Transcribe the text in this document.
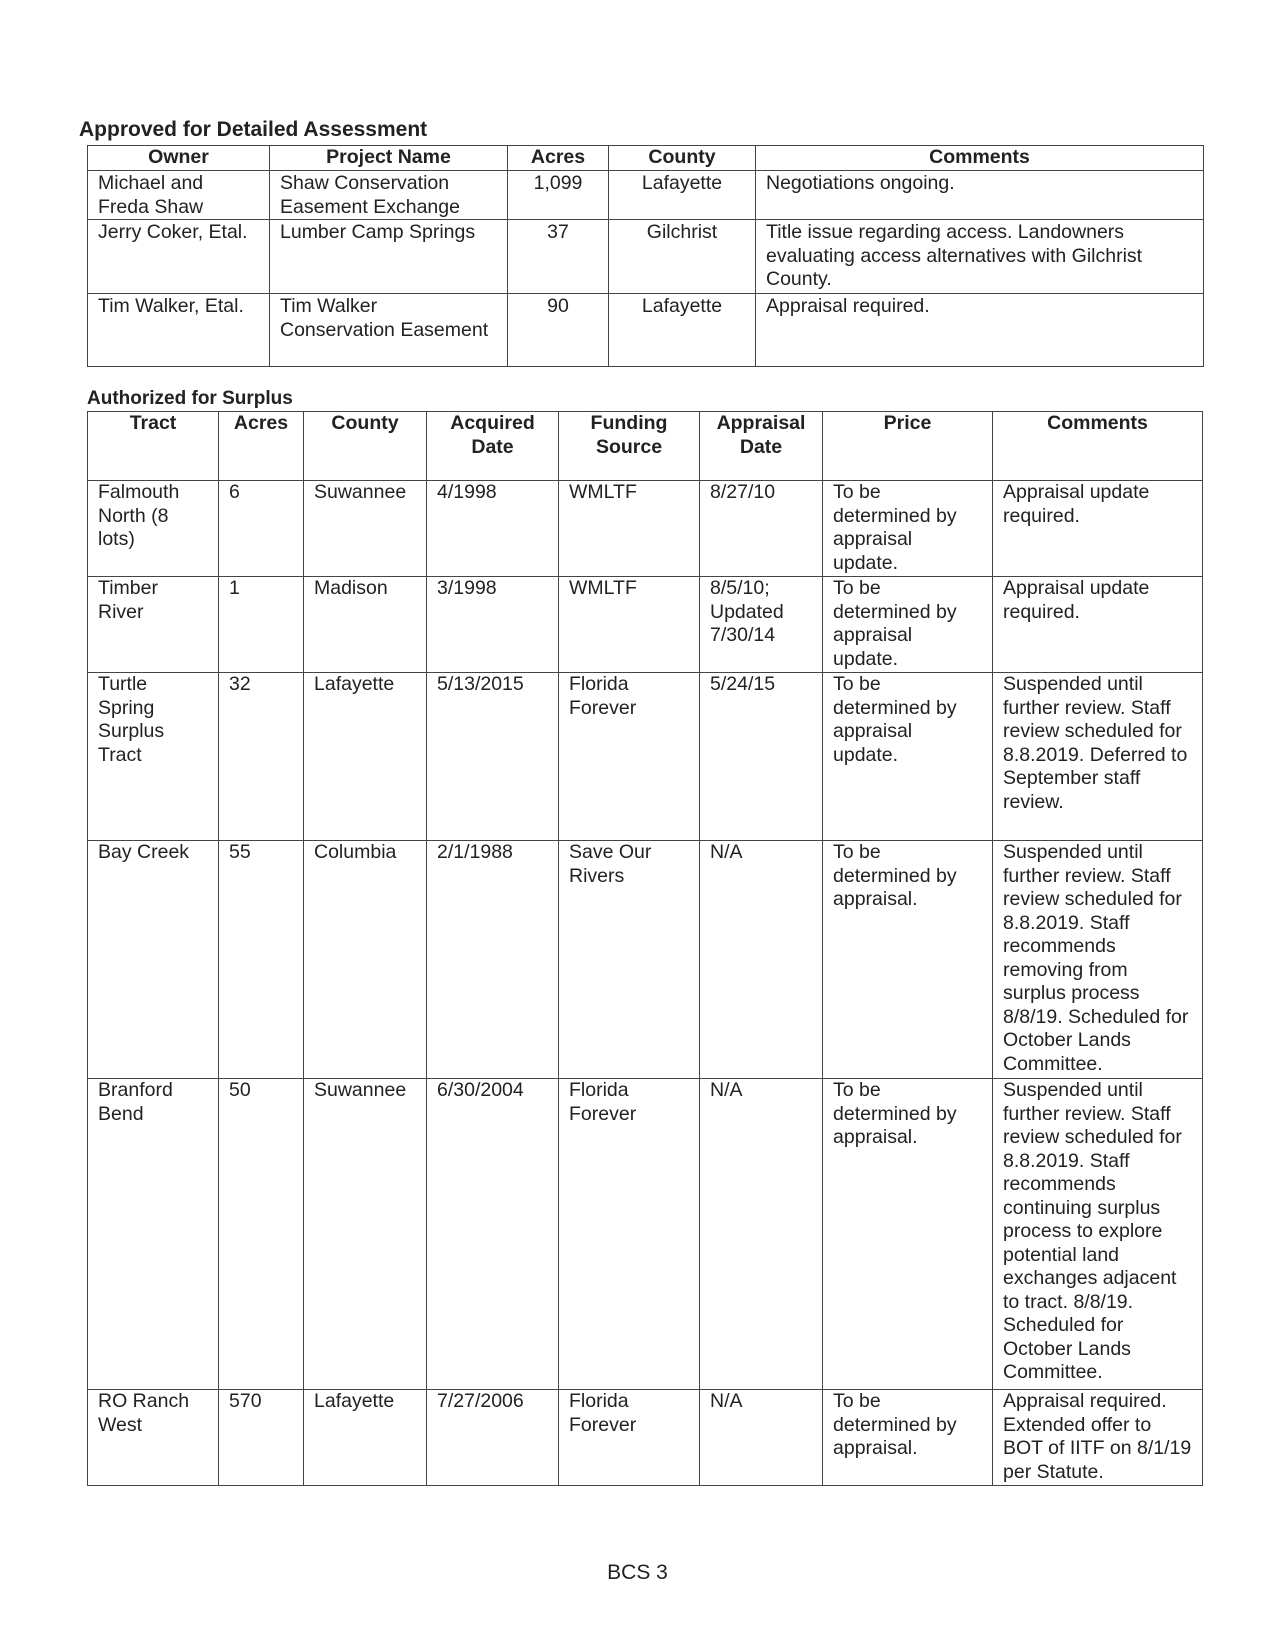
Approved for Detailed Assessment
Owner	Project Name	Acres	County	Comments
Michael and Freda Shaw	Shaw Conservation Easement Exchange	1,099	Lafayette	Negotiations ongoing.
Jerry Coker, Etal.	Lumber Camp Springs	37	Gilchrist	Title issue regarding access. Landowners evaluating access alternatives with Gilchrist County.
Tim Walker, Etal.	Tim Walker Conservation Easement	90	Lafayette	Appraisal required.
Authorized for Surplus
Tract	Acres	County	Acquired Date	Funding Source	Appraisal Date	Price	Comments
Falmouth North (8 lots)	6	Suwannee	4/1998	WMLTF	8/27/10	To be determined by appraisal update.	Appraisal update required.
Timber River	1	Madison	3/1998	WMLTF	8/5/10; Updated 7/30/14	To be determined by appraisal update.	Appraisal update required.
Turtle Spring Surplus Tract	32	Lafayette	5/13/2015	Florida Forever	5/24/15	To be determined by appraisal update.	Suspended until further review. Staff review scheduled for 8.8.2019. Deferred to September staff review.
Bay Creek	55	Columbia	2/1/1988	Save Our Rivers	N/A	To be determined by appraisal.	Suspended until further review. Staff review scheduled for 8.8.2019. Staff recommends removing from surplus process 8/8/19. Scheduled for October Lands Committee.
Branford Bend	50	Suwannee	6/30/2004	Florida Forever	N/A	To be determined by appraisal.	Suspended until further review. Staff review scheduled for 8.8.2019. Staff recommends continuing surplus process to explore potential land exchanges adjacent to tract. 8/8/19. Scheduled for October Lands Committee.
RO Ranch West	570	Lafayette	7/27/2006	Florida Forever	N/A	To be determined by appraisal.	Appraisal required. Extended offer to BOT of IITF on 8/1/19 per Statute.
BCS 3
